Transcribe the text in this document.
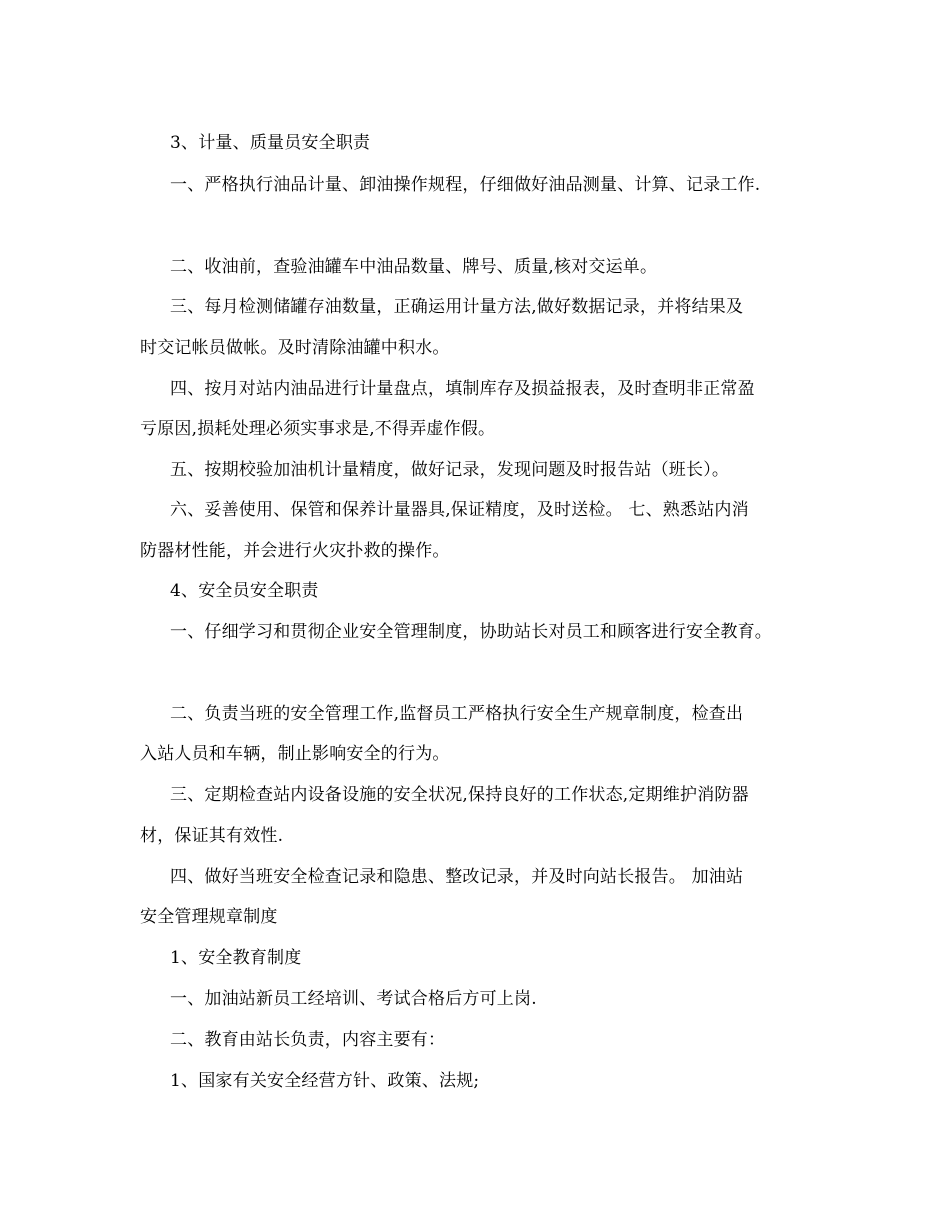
3、计量、质量员安全职责
一、严格执行油品计量、卸油操作规程，仔细做好油品测量、计算、记录工作.
二、收油前，查验油罐车中油品数量、牌号、质量,核对交运单。
三、每月检测储罐存油数量，正确运用计量方法,做好数据记录，并将结果及
时交记帐员做帐。及时清除油罐中积水。
四、按月对站内油品进行计量盘点，填制库存及损益报表，及时查明非正常盈
亏原因,损耗处理必须实事求是,不得弄虚作假。
五、按期校验加油机计量精度，做好记录，发现问题及时报告站（班长）。
六、妥善使用、保管和保养计量器具,保证精度，及时送检。 七、熟悉站内消
防器材性能，并会进行火灾扑救的操作。
4、安全员安全职责
一、仔细学习和贯彻企业安全管理制度，协助站长对员工和顾客进行安全教育。
二、负责当班的安全管理工作,监督员工严格执行安全生产规章制度，检查出
入站人员和车辆，制止影响安全的行为。
三、定期检查站内设备设施的安全状况,保持良好的工作状态,定期维护消防器
材，保证其有效性.
四、做好当班安全检查记录和隐患、整改记录，并及时向站长报告。 加油站
安全管理规章制度
1、安全教育制度
一、加油站新员工经培训、考试合格后方可上岗.
二、教育由站长负责，内容主要有：
1、国家有关安全经营方针、政策、法规;
